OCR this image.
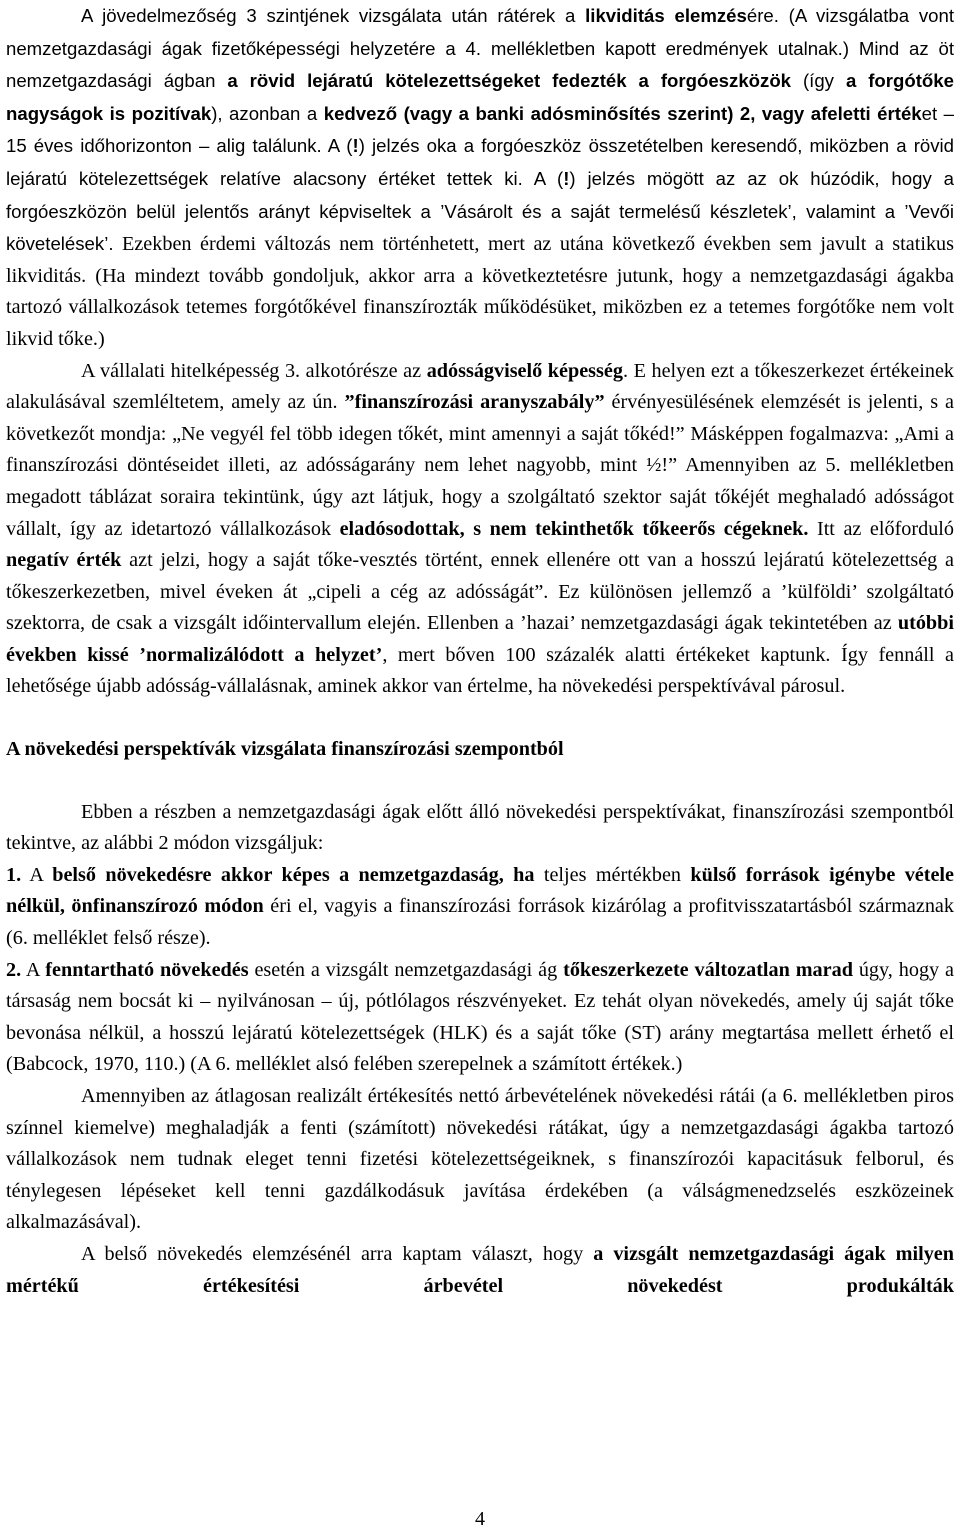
A jövedelmezőség 3 szintjének vizsgálata után rátérek a likviditás elemzésére. (A vizsgálatba vont nemzetgazdasági ágak fizetőképességi helyzetére a 4. mellékletben kapott eredmények utalnak.) Mind az öt nemzetgazdasági ágban a rövid lejáratú kötelezettségeket fedezték a forgóeszközök (így a forgótőke nagyságok is pozitívak), azonban a kedvező (vagy a banki adósminősítés szerint) 2, vagy afeletti értéket – 15 éves időhorizonton – alig találunk. A (!) jelzés oka a forgóeszköz összetételben keresendő, miközben a rövid lejáratú kötelezettségek relatíve alacsony értéket tettek ki. A (!) jelzés mögött az az ok húzódik, hogy a forgóeszközön belül jelentős arányt képviseltek a ’Vásárolt és a saját termelésű készletek’, valamint a ’Vevői követelések’. Ezekben érdemi változás nem történhetett, mert az utána következő években sem javult a statikus likviditás. (Ha mindezt tovább gondoljuk, akkor arra a következtetésre jutunk, hogy a nemzetgazdasági ágakba tartozó vállalkozások tetemes forgótőkével finanszírozták működésüket, miközben ez a tetemes forgótőke nem volt likvid tőke.)

A vállalati hitelképesség 3. alkotórésze az adósságviselő képesség. E helyen ezt a tőkeszerkezet értékeinek alakulásával szemléltetem, amely az ún. ”finanszírozási aranyszabály” érvényesülésének elemzését is jelenti, s a következőt mondja: „Ne vegyél fel több idegen tőkét, mint amennyi a saját tőkéd!” Másképpen fogalmazva: „Ami a finanszírozási döntéseidet illeti, az adósságarány nem lehet nagyobb, mint ½!” Amennyiben az 5. mellékletben megadott táblázat soraira tekintünk, úgy azt látjuk, hogy a szolgáltató szektor saját tőkéjét meghaladó adósságot vállalt, így az idetartozó vállalkozások eladósodottak, s nem tekinthetők tőkeerős cégeknek. Itt az előforduló negatív érték azt jelzi, hogy a saját tőke-vesztés történt, ennek ellenére ott van a hosszú lejáratú kötelezettség a tőkeszerkezetben, mivel éveken át „cipeli a cég az adósságát”. Ez különösen jellemző a ’külföldi’ szolgáltató szektorra, de csak a vizsgált időintervallum elején. Ellenben a ’hazai’ nemzetgazdasági ágak tekintetében az utóbbi években kissé ’normalizálódott a helyzet’, mert bőven 100 százalék alatti értékeket kaptunk. Így fennáll a lehetősége újabb adósság-vállalásnak, aminek akkor van értelme, ha növekedési perspektívával párosul.

A növekedési perspektívák vizsgálata finanszírozási szempontból

Ebben a részben a nemzetgazdasági ágak előtt álló növekedési perspektívákat, finanszírozási szempontból tekintve, az alábbi 2 módon vizsgáljuk:

1. A belső növekedésre akkor képes a nemzetgazdaság, ha teljes mértékben külső források igénybe vétele nélkül, önfinanszírozó módon éri el, vagyis a finanszírozási források kizárólag a profitvisszatartásból származnak (6. melléklet felső része).

2. A fenntartható növekedés esetén a vizsgált nemzetgazdasági ág tőkeszerkezete változatlan marad úgy, hogy a társaság nem bocsát ki – nyilvánosan – új, pótlólagos részvényeket. Ez tehát olyan növekedés, amely új saját tőke bevonása nélkül, a hosszú lejáratú kötelezettségek (HLK) és a saját tőke (ST) arány megtartása mellett érhető el (Babcock, 1970, 110.) (A 6. melléklet alsó felében szerepelnek a számított értékek.)

Amennyiben az átlagosan realizált értékesítés nettó árbevételének növekedési rátái (a 6. mellékletben piros színnel kiemelve) meghaladják a fenti (számított) növekedési rátákat, úgy a nemzetgazdasági ágakba tartozó vállalkozások nem tudnak eleget tenni fizetési kötelezettségeiknek, s finanszírozói kapacitásuk felborul, és ténylegesen lépéseket kell tenni gazdálkodásuk javítása érdekében (a válságmenedzselés eszközeinek alkalmazásával).

A belső növekedés elemzésénél arra kaptam választ, hogy a vizsgált nemzetgazdasági ágak milyen mértékű értékesítési árbevétel növekedést produkálták

4
